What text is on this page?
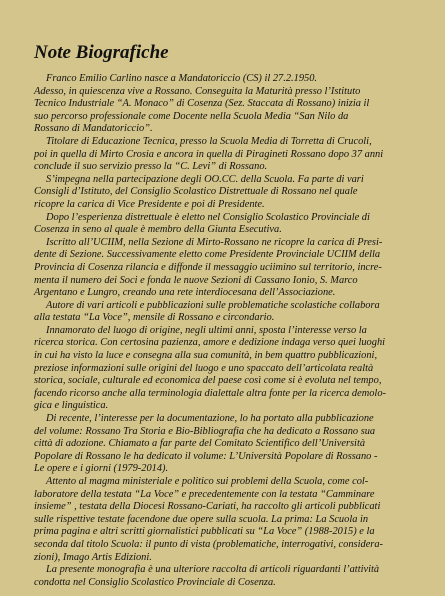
Note Biografiche
Franco Emilio Carlino nasce a Mandatoriccio (CS) il 27.2.1950.
Adesso, in quiescenza vive a Rossano. Conseguita la Maturità presso l’Istituto
Tecnico Industriale “A. Monaco” di Cosenza (Sez. Staccata di Rossano) inizia il
suo percorso professionale come Docente nella Scuola Media “San Nilo da
Rossano di Mandatoriccio”.
Titolare di Educazione Tecnica, presso la Scuola Media di Torretta di Crucoli,
poi in quella di Mirto Crosia e ancora in quella di Piragineti Rossano dopo 37 anni
conclude il suo servizio presso la “C. Levi” di Rossano.
S’impegna nella partecipazione degli OO.CC. della Scuola. Fa parte di vari
Consigli d’Istituto, del Consiglio Scolastico Distrettuale di Rossano nel quale
ricopre la carica di Vice Presidente e poi di Presidente.
Dopo l’esperienza distrettuale è eletto nel Consiglio Scolastico Provinciale di
Cosenza in seno al quale è membro della Giunta Esecutiva.
Iscritto all’UCIIM, nella Sezione di Mirto-Rossano ne ricopre la carica di Presi-
dente di Sezione. Successivamente eletto come Presidente Provinciale UCIIM della
Provincia di Cosenza rilancia e diffonde il messaggio uciimino sul territorio, incre-
menta il numero dei Soci e fonda le nuove Sezioni di Cassano Ionio, S. Marco
Argentano e Lungro, creando una rete interdiocesana dell’Associazione.
Autore di vari articoli e pubblicazioni sulle problematiche scolastiche collabora
alla testata “La Voce”, mensile di Rossano e circondario.
Innamorato del luogo di origine, negli ultimi anni, sposta l’interesse verso la
ricerca storica. Con certosina pazienza, amore e dedizione indaga verso quei luoghi
in cui ha visto la luce e consegna alla sua comunità, in bem quattro pubblicazioni,
preziose informazioni sulle origini del luogo e uno spaccato dell’articolata realtà
storica, sociale, culturale ed economica del paese così come si è evoluta nel tempo,
facendo ricorso anche alla terminologia dialettale altra fonte per la ricerca demolo-
gica e linguistica.
Di recente, l’interesse per la documentazione, lo ha portato alla pubblicazione
del volume: Rossano Tra Storia e Bio-Bibliografia che ha dedicato a Rossano sua
città di adozione. Chiamato a far parte del Comitato Scientifico dell’Università
Popolare di Rossano le ha dedicato il volume: L’Università Popolare di Rossano -
Le opere e i giorni (1979-2014).
Attento al magma ministeriale e politico sui problemi della Scuola, come col-
laboratore della testata “La Voce” e precedentemente con la testata “Camminare
insieme” , testata della Diocesi Rossano-Cariati, ha raccolto gli articoli pubblicati
sulle rispettive testate facendone due opere sulla scuola. La prima: La Scuola in
prima pagina e altri scritti giornalistici pubblicati su “La Voce” (1988-2015) e la
seconda dal titolo Scuola: il punto di vista (problematiche, interrogativi, considera-
zioni), Imago Artis Edizioni.
La presente monografia è una ulteriore raccolta di articoli riguardanti l’attività
condotta nel Consiglio Scolastico Provinciale di Cosenza.
